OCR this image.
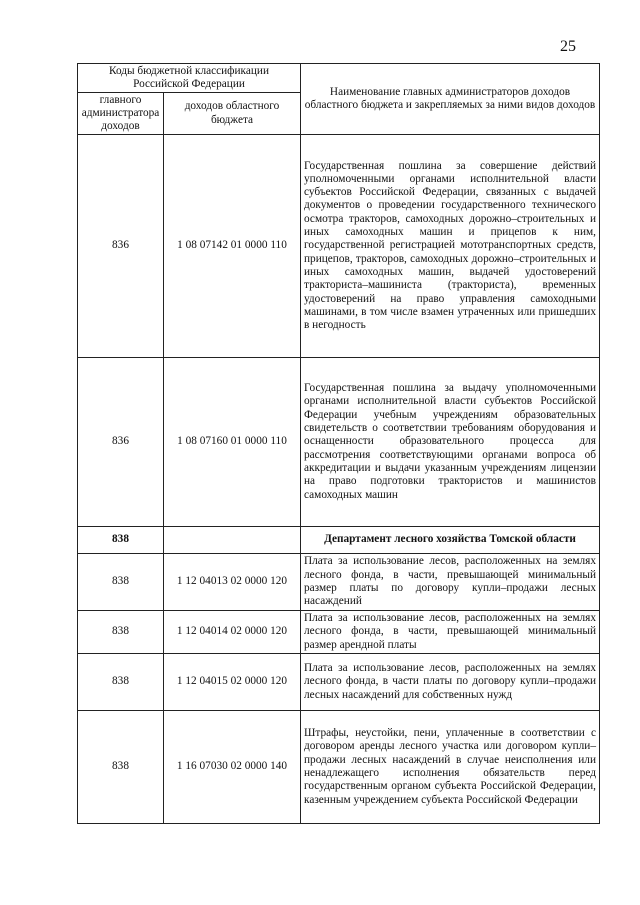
25
Коды бюджетной классификации Российской Федерации		Наименование главных администраторов доходов областного бюджета и закрепляемых за ними видов доходов
главного администратора доходов	доходов областного бюджета	
836	1 08 07142 01 0000 110	Государственная пошлина за совершение действий уполномоченными органами исполнительной власти субъектов Российской Федерации, связанных с выдачей документов о проведении государственного технического осмотра тракторов, самоходных дорожно–строительных и иных самоходных машин и прицепов к ним, государственной регистрацией мототранспортных средств, прицепов, тракторов, самоходных дорожно–строительных и иных самоходных машин, выдачей удостоверений тракториста–машиниста (тракториста), временных удостоверений на право управления самоходными машинами, в том числе взамен утраченных или пришедших в негодность
836	1 08 07160 01 0000 110	Государственная пошлина за выдачу уполномоченными органами исполнительной власти субъектов Российской Федерации учебным учреждениям образовательных свидетельств о соответствии требованиям оборудования и оснащенности образовательного процесса для рассмотрения соответствующими органами вопроса об аккредитации и выдачи указанным учреждениям лицензии на право подготовки трактористов и машинистов самоходных машин
838		Департамент лесного хозяйства Томской области
838	1 12 04013 02 0000 120	Плата за использование лесов, расположенных на землях лесного фонда, в части, превышающей минимальный размер платы по договору купли–продажи лесных насаждений
838	1 12 04014 02 0000 120	Плата за использование лесов, расположенных на землях лесного фонда, в части, превышающей минимальный размер арендной платы
838	1 12 04015 02 0000 120	Плата за использование лесов, расположенных на землях лесного фонда, в части платы по договору купли–продажи лесных насаждений для собственных нужд
838	1 16 07030 02 0000 140	Штрафы, неустойки, пени, уплаченные в соответствии с договором аренды лесного участка или договором купли–продажи лесных насаждений в случае неисполнения или ненадлежащего исполнения обязательств перед государственным органом субъекта Российской Федерации, казенным учреждением субъекта Российской Федерации
